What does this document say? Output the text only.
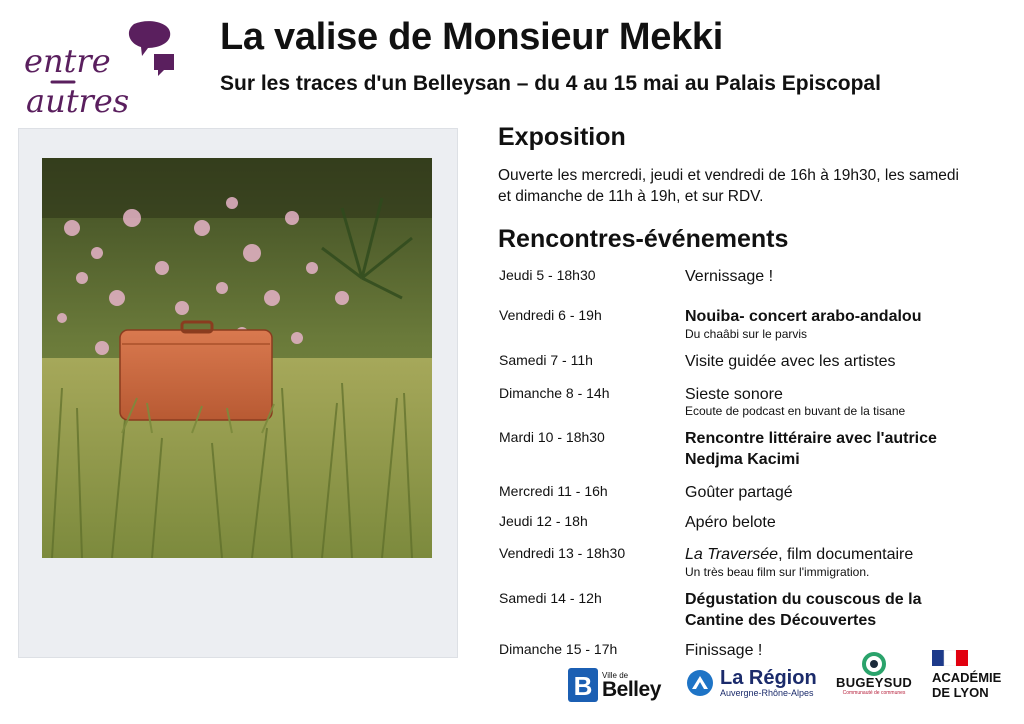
entre
autres
La valise de Monsieur Mekki

Sur les traces d'un Belleysan – du 4 au 15 mai au Palais Episcopal

Exposition

Ouverte les mercredi, jeudi et vendredi de 16h à 19h30, les samedi et dimanche de 11h à 19h, et sur RDV.

Rencontres-événements
Jeudi 5 - 18h30	Vernissage !
Vendredi 6 - 19h	Nouiba- concert arabo-andalou
Du chaâbi sur le parvis
Samedi 7 - 11h	Visite guidée avec les artistes
Dimanche 8 - 14h	Sieste sonore
Ecoute de podcast en buvant de la tisane
Mardi 10 - 18h30	Rencontre littéraire avec l'autrice Nedjma Kacimi
Mercredi 11 - 16h	Goûter partagé
Jeudi 12 - 18h	Apéro belote
Vendredi 13 - 18h30	La Traversée, film documentaire
Un très beau film sur l'immigration.
Samedi 14 - 12h	Dégustation du couscous de la Cantine des Découvertes
Dimanche 15 - 17h	Finissage !
B Ville de
Belley	La Région
Auvergne-Rhône-Alpes
BUGEYSUD
Communauté de communes
ACADÉMIE
DE LYON
